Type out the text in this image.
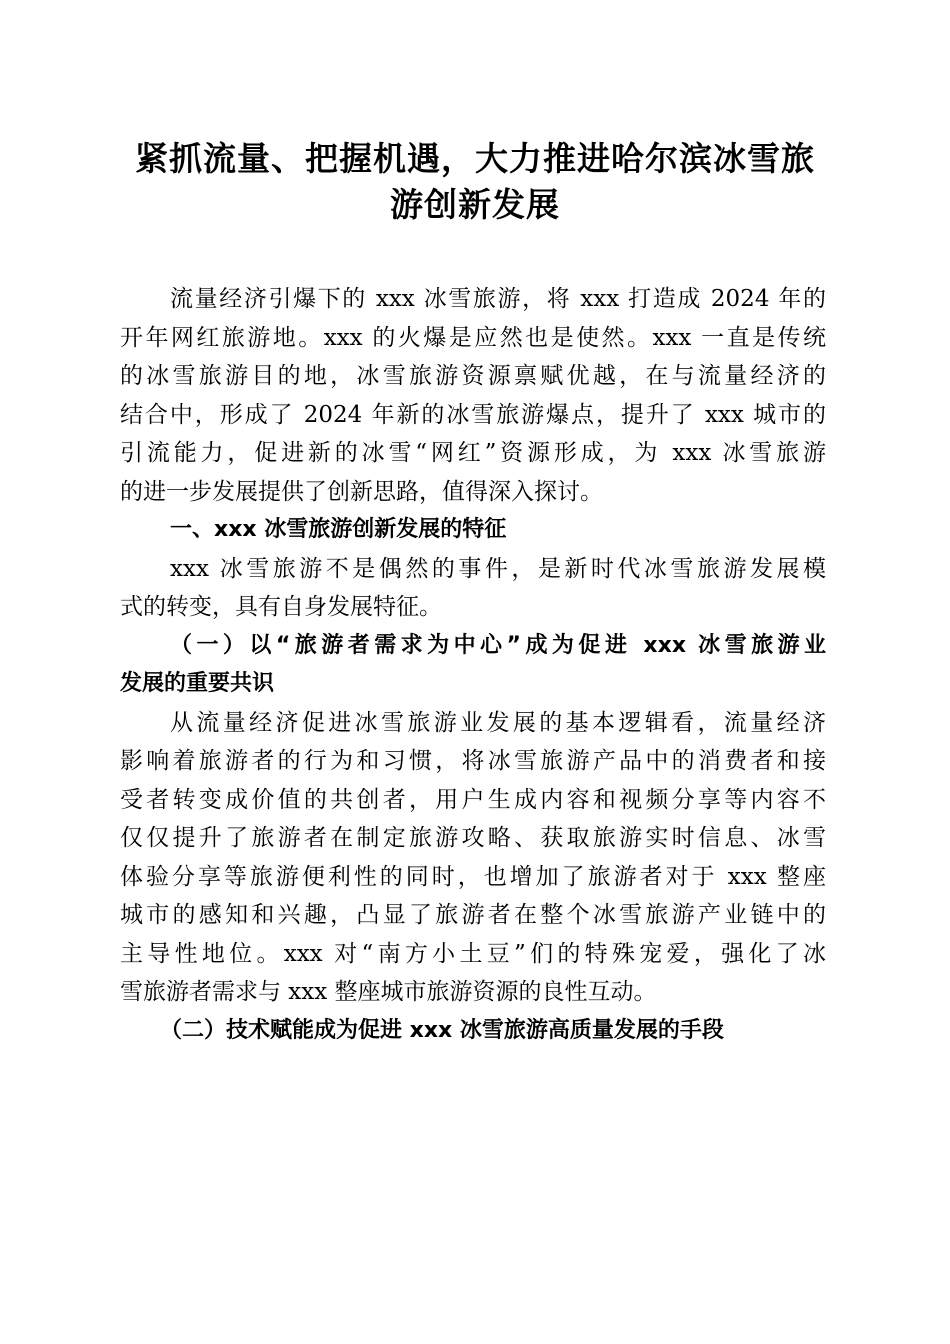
紧抓流量、把握机遇，大力推进哈尔滨冰雪旅
游创新发展
流量经济引爆下的 xxx 冰雪旅游，将 xxx 打造成 2024 年的
开年网红旅游地。xxx 的火爆是应然也是使然。xxx 一直是传统
的冰雪旅游目的地，冰雪旅游资源禀赋优越，在与流量经济的
结合中，形成了 2024 年新的冰雪旅游爆点，提升了 xxx 城市的
引流能力，促进新的冰雪“网红”资源形成，为 xxx 冰雪旅游
的进一步发展提供了创新思路，值得深入探讨。
一、xxx 冰雪旅游创新发展的特征
xxx 冰雪旅游不是偶然的事件，是新时代冰雪旅游发展模
式的转变，具有自身发展特征。
（一）以“旅游者需求为中心”成为促进 xxx 冰雪旅游业
发展的重要共识
从流量经济促进冰雪旅游业发展的基本逻辑看，流量经济
影响着旅游者的行为和习惯，将冰雪旅游产品中的消费者和接
受者转变成价值的共创者，用户生成内容和视频分享等内容不
仅仅提升了旅游者在制定旅游攻略、获取旅游实时信息、冰雪
体验分享等旅游便利性的同时，也增加了旅游者对于 xxx 整座
城市的感知和兴趣，凸显了旅游者在整个冰雪旅游产业链中的
主导性地位。xxx 对“南方小土豆”们的特殊宠爱，强化了冰
雪旅游者需求与 xxx 整座城市旅游资源的良性互动。
（二）技术赋能成为促进 xxx 冰雪旅游高质量发展的手段
